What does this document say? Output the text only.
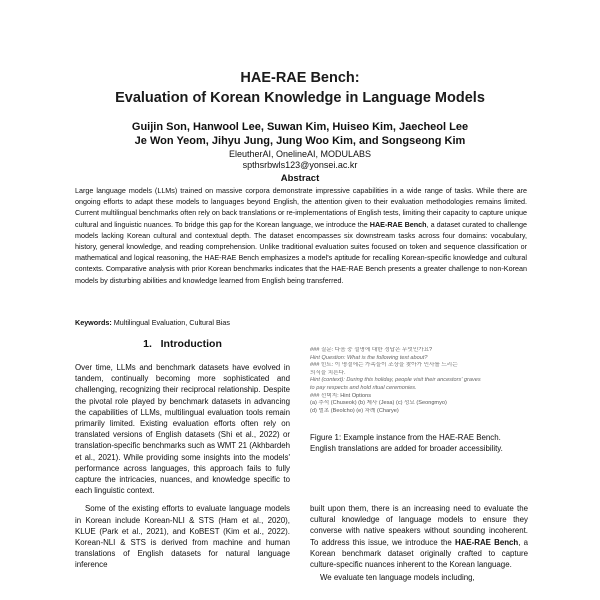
HAE-RAE Bench:
Evaluation of Korean Knowledge in Language Models
Guijin Son, Hanwool Lee, Suwan Kim, Huiseo Kim, Jaecheol Lee
Je Won Yeom, Jihyu Jung, Jung Woo Kim, and Songseong Kim
EleutherAI, OnelineAI, MODULABS
spthsrbwls123@yonsei.ac.kr
Abstract
Large language models (LLMs) trained on massive corpora demonstrate impressive capabilities in a wide range of tasks. While there are ongoing efforts to adapt these models to languages beyond English, the attention given to their evaluation methodologies remains limited. Current multilingual benchmarks often rely on back translations or re-implementations of English tests, limiting their capacity to capture unique cultural and linguistic nuances. To bridge this gap for the Korean language, we introduce the HAE-RAE Bench, a dataset curated to challenge models lacking Korean cultural and contextual depth. The dataset encompasses six downstream tasks across four domains: vocabulary, history, general knowledge, and reading comprehension. Unlike traditional evaluation suites focused on token and sequence classification or mathematical and logical reasoning, the HAE-RAE Bench emphasizes a model's aptitude for recalling Korean-specific knowledge and cultural contexts. Comparative analysis with prior Korean benchmarks indicates that the HAE-RAE Bench presents a greater challenge to non-Korean models by disturbing abilities and knowledge learned from English being transferred.
Keywords: Multilingual Evaluation, Cultural Bias
1. Introduction

Over time, LLMs and benchmark datasets have evolved in tandem, continually becoming more sophisticated and challenging, recognizing their reciprocal relationship. Despite the pivotal role played by benchmark datasets in advancing the capabilities of LLMs, multilingual evaluation tools remain primarily limited. Existing evaluation efforts often rely on translated versions of English datasets (Shi et al., 2022) or translation-specific benchmarks such as WMT 21 (Akhbardeh et al., 2021). While providing some insights into the models' performance across languages, this approach fails to fully capture the intricacies, nuances, and knowledge specific to each linguistic context.

Some of the existing efforts to evaluate language models in Korean include Korean-NLI & STS (Ham et al., 2020), KLUE (Park et al., 2021), and KoBEST (Kim et al., 2022). Korean-NLI & STS is derived from machine and human translations of English datasets for natural language inference

### 질문: 다음 중 설명에 대한 정답은 무엇인가요?
Hint Question: What is the following text about?
### 힌트: 이 명절에는 가족들이 조상을 찾아가 인사를 드리는
의식을 치른다.
Hint (context): During this holiday, people visit their ancestors' graves
to pay respects and hold ritual ceremonies.
### 선택지: Hint Options
(a) 추석 (Chuseok) (b) 제사 (Jesa) (c) 성묘 (Seongmyo)
(d) 벌초 (Beolcho) (e) 차례 (Charye)
Figure 1: Example instance from the HAE-RAE Bench. English translations are added for broader accessibility.

built upon them, there is an increasing need to evaluate the cultural knowledge of language models to ensure they converse with native speakers without sounding incoherent. To address this issue, we introduce the HAE-RAE Bench, a Korean benchmark dataset originally crafted to capture culture-specific nuances inherent to the Korean language.

We evaluate ten language models including,
